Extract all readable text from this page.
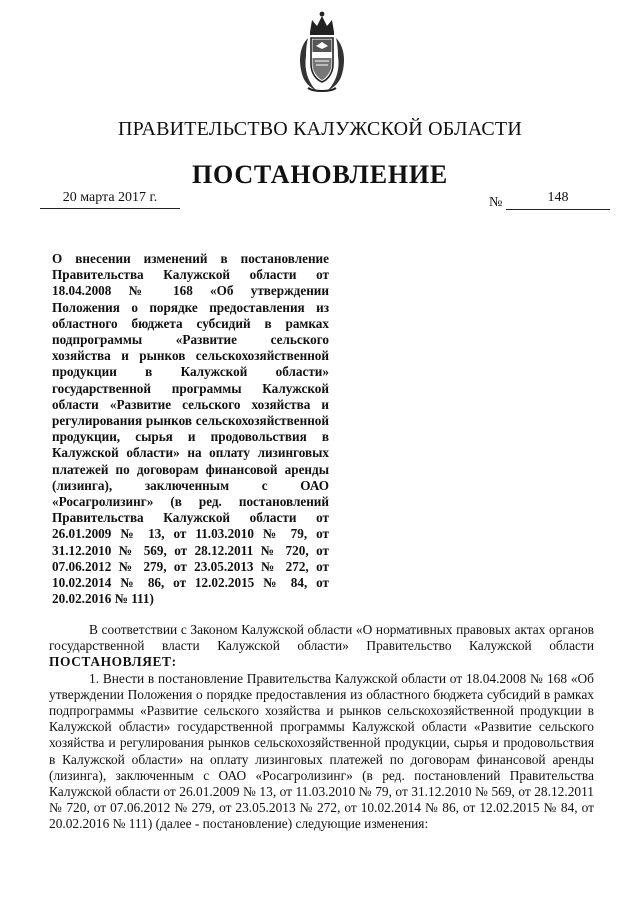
ПРАВИТЕЛЬСТВО КАЛУЖСКОЙ ОБЛАСТИ
ПОСТАНОВЛЕНИЕ
20 марта 2017 г.	№	148

О внесении изменений в постановление Правительства Калужской области от 18.04.2008 № 168 «Об утверждении Положения о порядке предоставления из областного бюджета субсидий в рамках подпрограммы «Развитие сельского хозяйства и рынков сельскохозяйственной продукции в Калужской области» государственной программы Калужской области «Развитие сельского хозяйства и регулирования рынков сельскохозяйственной продукции, сырья и продовольствия в Калужской области» на оплату лизинговых платежей по договорам финансовой аренды (лизинга), заключенным с ОАО «Росагролизинг» (в ред. постановлений Правительства Калужской области от 26.01.2009 № 13, от 11.03.2010 № 79, от 31.12.2010 № 569, от 28.12.2011 № 720, от 07.06.2012 № 279, от 23.05.2013 № 272, от 10.02.2014 № 86, от 12.02.2015 № 84, от 20.02.2016 № 111)

В соответствии с Законом Калужской области «О нормативных правовых актах органов государственной власти Калужской области» Правительство Калужской области ПОСТАНОВЛЯЕТ:

1. Внести в постановление Правительства Калужской области от 18.04.2008 № 168 «Об утверждении Положения о порядке предоставления из областного бюджета субсидий в рамках подпрограммы «Развитие сельского хозяйства и рынков сельскохозяйственной продукции в Калужской области» государственной программы Калужской области «Развитие сельского хозяйства и регулирования рынков сельскохозяйственной продукции, сырья и продовольствия в Калужской области» на оплату лизинговых платежей по договорам финансовой аренды (лизинга), заключенным с ОАО «Росагролизинг» (в ред. постановлений Правительства Калужской области от 26.01.2009 № 13, от 11.03.2010 № 79, от 31.12.2010 № 569, от 28.12.2011 № 720, от 07.06.2012 № 279, от 23.05.2013 № 272, от 10.02.2014 № 86, от 12.02.2015 № 84, от 20.02.2016 № 111) (далее - постановление) следующие изменения:
